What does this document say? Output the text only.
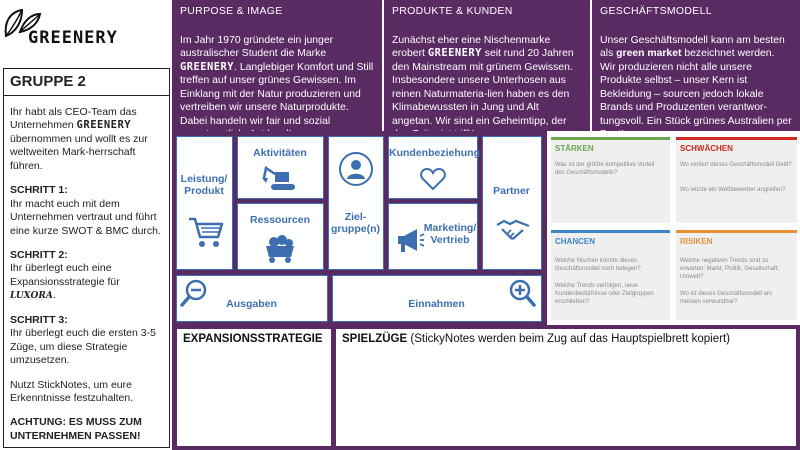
GREENERY
GRUPPE 2
Ihr habt als CEO-Team das Unternehmen GREENERY übernommen und wollt es zur weltweiten Mark-herrschaft führen.
SCHRITT 1:
Ihr macht euch mit dem Unternehmen vertraut und führt eine kurze SWOT & BMC durch.
SCHRITT 2:
Ihr überlegt euch eine Expansionsstrategie für LUXORA.
SCHRITT 3:
Ihr überlegt euch die ersten 3-5 Züge, um diese Strategie umzusetzen.
Nutzt StickNotes, um eure Erkenntnisse festzuhalten.
ACHTUNG: ES MUSS ZUM UNTERNEHMEN PASSEN!
PURPOSE & IMAGE
Im Jahr 1970 gründete ein junger australischer Student die Marke GREENERY. Langlebiger Komfort und Still treffen auf unser grünes Gewissen. Im Einklang mit der Natur produzieren und vertreiben wir unsere Naturprodukte. Dabei handeln wir fair und sozial
PRODUKTE & KUNDEN
Zunächst eher eine Nischenmarke erobert GREENERY seit rund 20 Jahren den Mainstream mit grünem Gewissen. Insbesondere unsere Unterhosen aus reinen Naturmateria-lien haben es den Klimabewussten in Jung und Alt angetan. Wir sind ein Geheimtipp, der
GESCHÄFTSMODELL
Unser Geschäftsmodell kann am besten als green market bezeichnet werden. Wir produzieren nicht alle unsere Produkte selbst – unser Kern ist Bekleidung – sourcen jedoch lokale Brands und Produzenten verantwor-tungsvoll. Ein Stück grünes Australien per
Leistung/ Produkt
Aktivitäten
Ressourcen	Ziel-gruppe(n)
Kundenbeziehung
Marketing/ Vertrieb
Partner
Ausgaben	Einnahmen
STÄRKEN
Was ist der größte kompetitive Vorteil des Geschäftsmodells?
SCHWÄCHEN
Wo verliert dieses Geschäftsmodell Geld?
Wo würde ein Wettbewerber angreifen?
CHANCEN
Welche Nischen könnte dieses Geschäftsmodell noch belegen?
Welche Trends verfolgen, neue Kundenbedürfnisse oder Zielgruppen erschließen?
RISIKEN
Welche negativen Trends sind zu erwarten: Markt, Politik, Gesellschaft, Umwelt?
Wo ist dieses Geschäftsmodell am meisten verwundbar?
EXPANSIONSSTRATEGIE SPIELZÜGE (StickyNotes werden beim Zug auf das Hauptspielbrett kopiert)
